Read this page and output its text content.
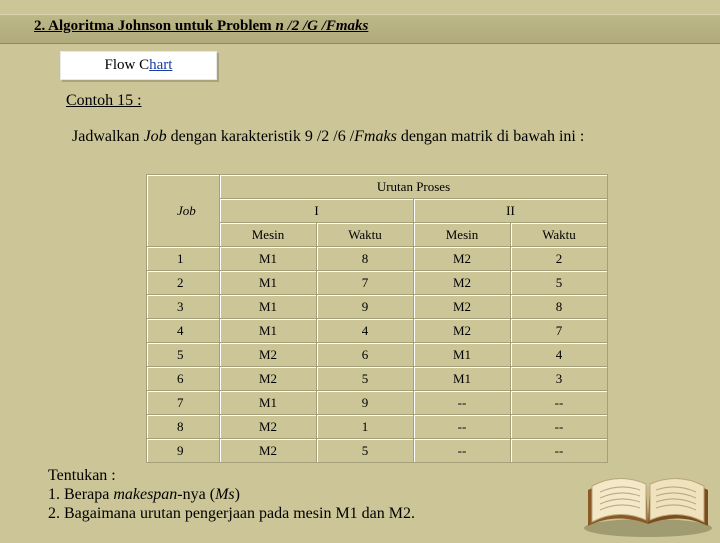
2. Algoritma Johnson untuk Problem n /2 /G /Fmaks
Flow Chart
Contoh 15 :
Jadwalkan Job dengan karakteristik 9 /2 /6 /Fmaks dengan matrik di bawah ini :
Job	Urutan Proses			
	I		II	
	Mesin	Waktu	Mesin	Waktu
1	M1	8	M2	2
2	M1	7	M2	5
3	M1	9	M2	8
4	M1	4	M2	7
5	M2	6	M1	4
6	M2	5	M1	3
7	M1	9	--	--
8	M2	1	--	--
9	M2	5	--	--
Tentukan :
1. Berapa makespan-nya (Ms)
2. Bagaimana urutan pengerjaan pada mesin M1 dan M2.
